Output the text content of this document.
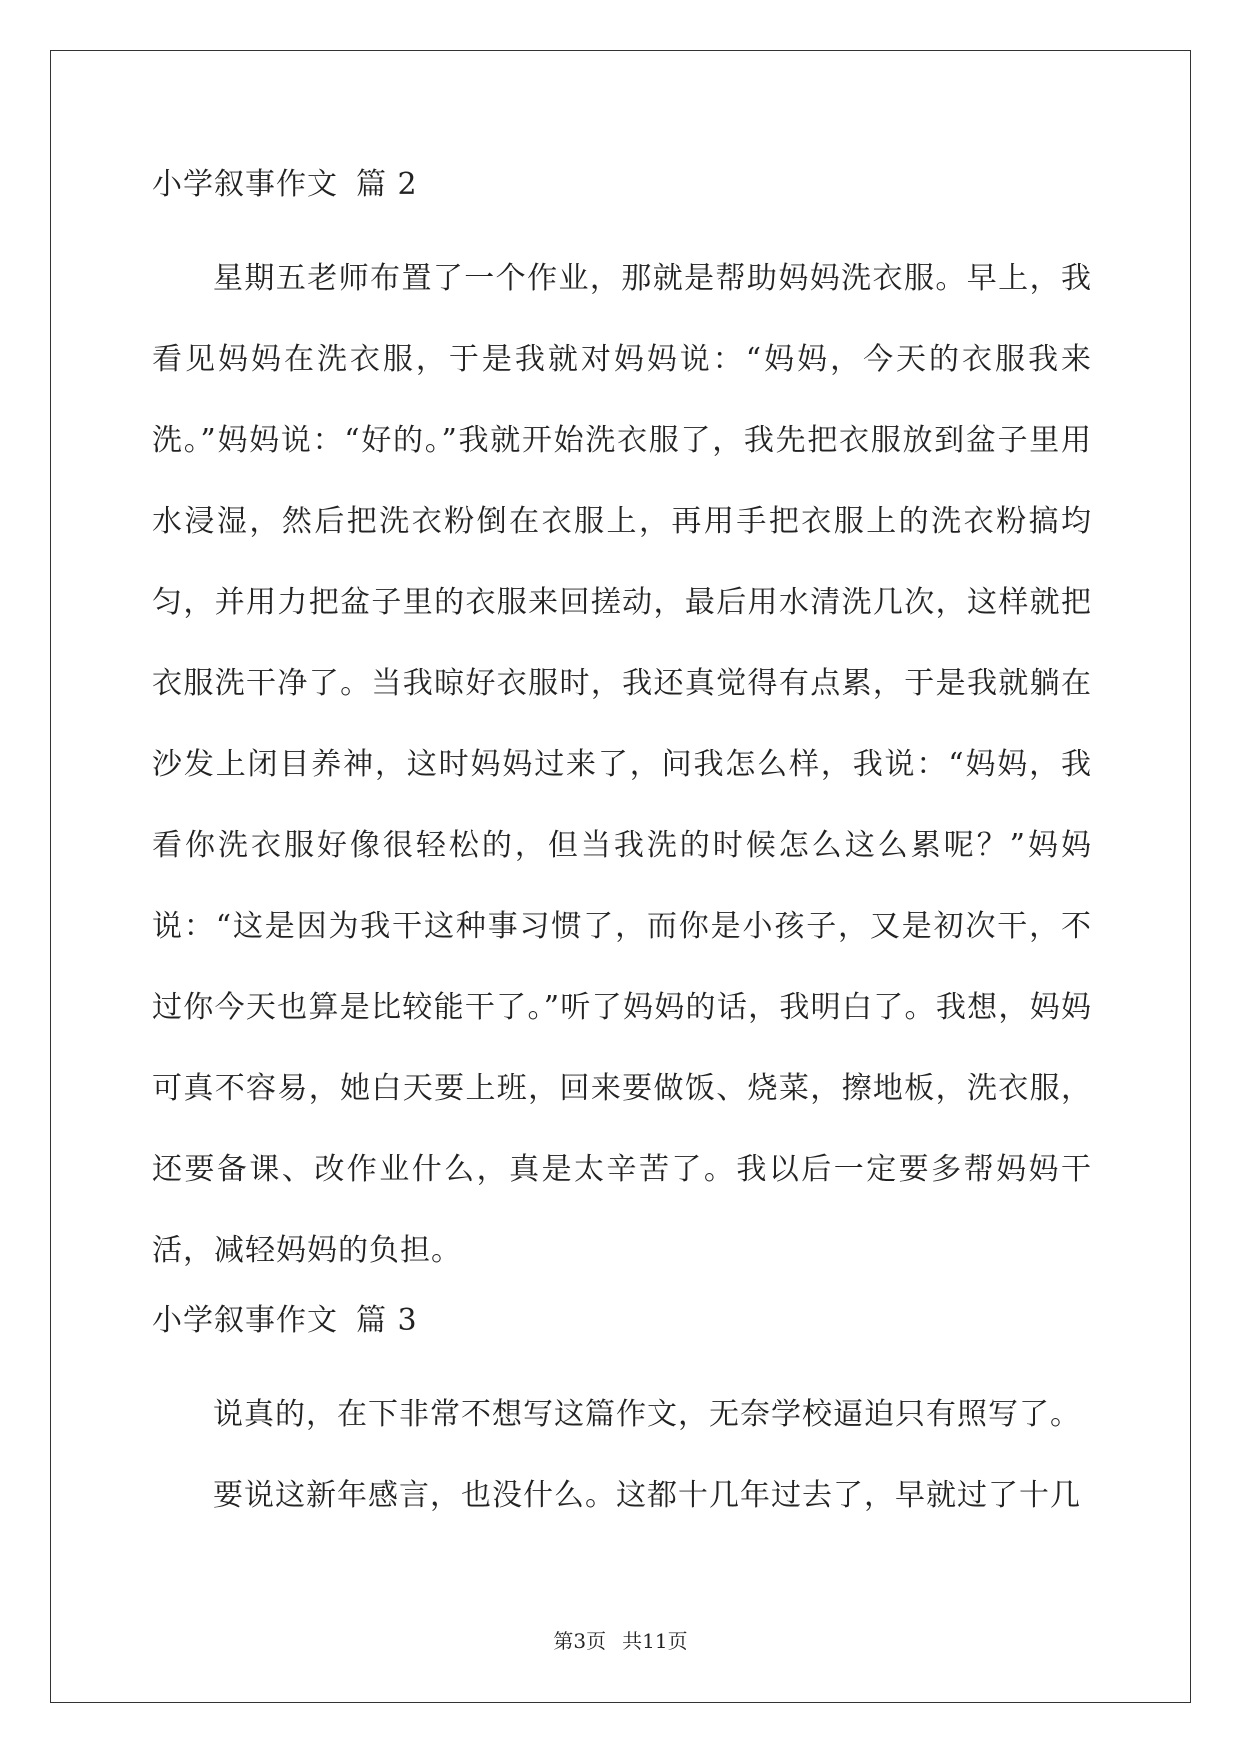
小学叙事作文 篇 2

星期五老师布置了一个作业，那就是帮助妈妈洗衣服。早上，我看见妈妈在洗衣服，于是我就对妈妈说：“妈妈，今天的衣服我来洗。”妈妈说：“好的。”我就开始洗衣服了，我先把衣服放到盆子里用水浸湿，然后把洗衣粉倒在衣服上，再用手把衣服上的洗衣粉搞均匀，并用力把盆子里的衣服来回搓动，最后用水清洗几次，这样就把衣服洗干净了。当我晾好衣服时，我还真觉得有点累，于是我就躺在沙发上闭目养神，这时妈妈过来了，问我怎么样，我说：“妈妈，我看你洗衣服好像很轻松的，但当我洗的时候怎么这么累呢？”妈妈说：“这是因为我干这种事习惯了，而你是小孩子，又是初次干，不过你今天也算是比较能干了。”听了妈妈的话，我明白了。我想，妈妈可真不容易，她白天要上班，回来要做饭、烧菜，擦地板，洗衣服，还要备课、改作业什么，真是太辛苦了。我以后一定要多帮妈妈干活，减轻妈妈的负担。

小学叙事作文 篇 3

说真的，在下非常不想写这篇作文，无奈学校逼迫只有照写了。

要说这新年感言，也没什么。这都十几年过去了，早就过了十几

第3页 共11页
